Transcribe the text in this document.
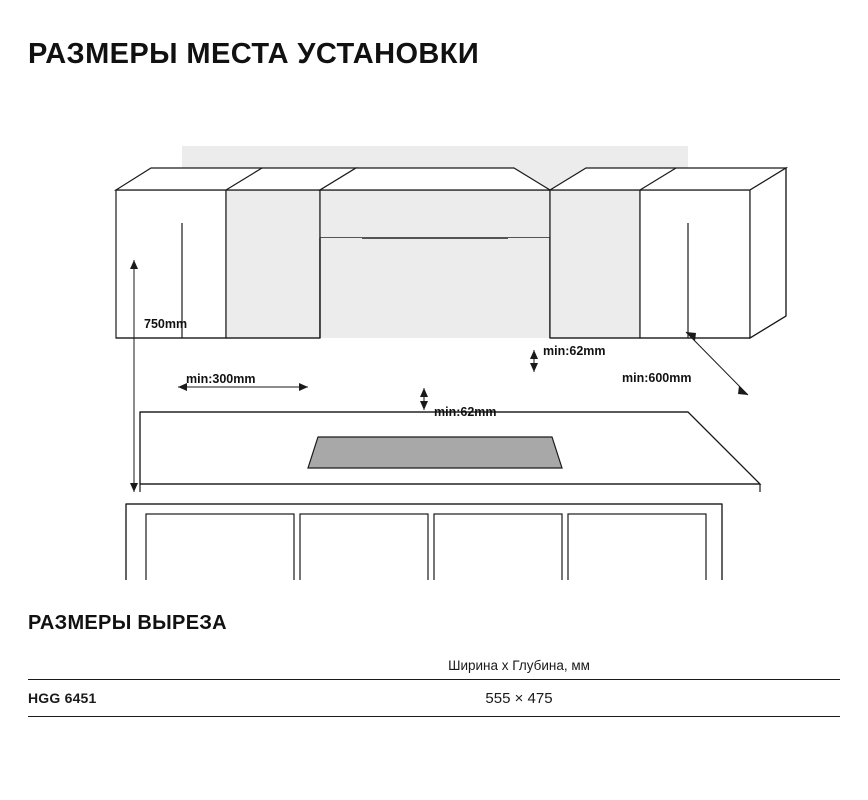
РАЗМЕРЫ МЕСТА УСТАНОВКИ
750mm
min:300mm
min:62mm
min:62mm
min:600mm
РАЗМЕРЫ ВЫРЕЗА
Ширина x Глубина, мм
HGG 6451	555 × 475
